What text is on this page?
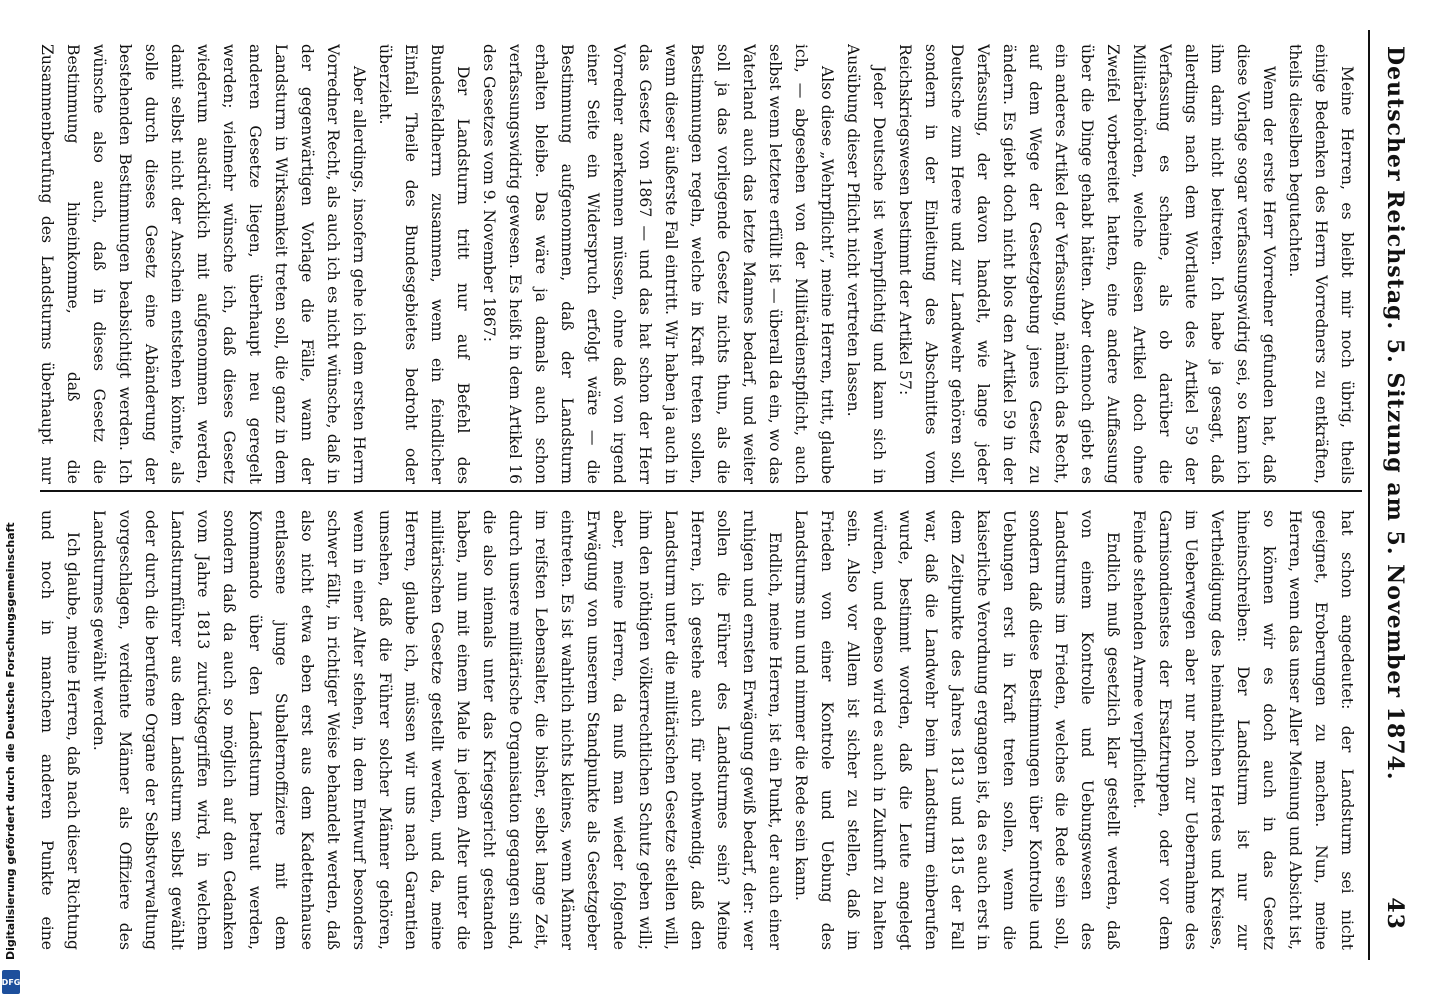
Deutscher Reichstag. 5. Sitzung am 5. November 1874.
43

Meine Herren, es bleibt mir noch übrig, theils einige Bedenken des Herrn Vorredners zu entkräften, theils dieselben begutachten.

Wenn der erste Herr Vorredner gefunden hat, daß diese Vorlage sogar verfassungswidrig sei, so kann ich ihm darin nicht beitreten. Ich habe ja gesagt, daß allerdings nach dem Wortlaute des Artikel 59 der Verfassung es scheine, als ob darüber die Militärbehörden, welche diesen Artikel doch ohne Zweifel vorbereitet hatten, eine andere Auffassung über die Dinge gehabt hätten. Aber dennoch giebt es ein anderes Artikel der Verfassung, nämlich das Recht, auf dem Wege der Gesetzgebung jenes Gesetz zu ändern. Es giebt doch nicht blos den Artikel 59 in der Verfassung, der davon handelt, wie lange jeder Deutsche zum Heere und zur Landwehr gehören soll, sondern in der Einleitung des Abschnittes vom Reichskriegswesen bestimmt der Artikel 57:

Jeder Deutsche ist wehrpflichtig und kann sich in Ausübung dieser Pflicht nicht vertreten lassen.

Also diese „Wehrpflicht“, meine Herren, tritt, glaube ich, — abgesehen von der Militärdienstpflicht, auch selbst wenn letztere erfüllt ist — überall da ein, wo das Vaterland auch das letzte Mannes bedarf, und weiter soll ja das vorliegende Gesetz nichts thun, als die Bestimmungen regeln, welche in Kraft treten sollen, wenn dieser äußerste Fall eintritt. Wir haben ja auch in das Gesetz von 1867 — und das hat schon der Herr Vorredner anerkennen müssen, ohne daß von irgend einer Seite ein Widerspruch erfolgt wäre — die Bestimmung aufgenommen, daß der Landsturm erhalten bleibe. Das wäre ja damals auch schon verfassungswidrig gewesen. Es heißt in dem Artikel 16 des Gesetzes vom 9. November 1867:

Der Landsturm tritt nur auf Befehl des Bundesfeldherrn zusammen, wenn ein feindlicher Einfall Theile des Bundesgebietes bedroht oder überzieht.

Aber allerdings, insofern gehe ich dem ersten Herrn Vorredner Recht, als auch ich es nicht wünsche, daß in der gegenwärtigen Vorlage die Fälle, wann der Landsturm in Wirksamkeit treten soll, die ganz in dem anderen Gesetze liegen, überhaupt neu geregelt werden; vielmehr wünsche ich, daß dieses Gesetz wiederum ausdrücklich mit aufgenommen werden, damit selbst nicht der Anschein entstehen könnte, als solle durch dieses Gesetz eine Abänderung der bestehenden Bestimmungen beabsichtigt werden. Ich wünsche also auch, daß in dieses Gesetz die Bestimmung hineinkomme, daß die Zusammenberufung des Landsturms überhaupt nur

hat schon angedeutet: der Landsturm sei nicht geeignet, Eroberungen zu machen. Nun, meine Herren, wenn das unser Aller Meinung und Absicht ist, so können wir es doch auch in das Gesetz hineinschreiben: Der Landsturm ist nur zur Vertheidigung des heimathlichen Herdes und Kreises, im Ueberwegen aber nur noch zur Uebernahme des Garnisondienstes der Ersatztruppen, oder vor dem Feinde stehenden Armee verpflichtet.

Endlich muß gesetzlich klar gestellt werden, daß von einem Kontrolle und Uebungswesen des Landsturms im Frieden, welches die Rede sein soll, sondern daß diese Bestimmungen über Kontrolle und Uebungen erst in Kraft treten sollen, wenn die kaiserliche Verordnung ergangen ist, da es auch erst in dem Zeitpunkte des Jahres 1813 und 1815 der Fall war, daß die Landwehr beim Landsturm einberufen wurde, bestimmt worden, daß die Leute angelegt würden, und ebenso wird es auch in Zukunft zu halten sein. Also vor Allem ist sicher zu stellen, daß im Frieden von einer Kontrole und Uebung des Landsturms nun und nimmer die Rede sein kann.

Endlich, meine Herren, ist ein Punkt, der auch einer ruhigen und ernsten Erwägung gewiß bedarf, der: wer sollen die Führer des Landsturmes sein? Meine Herren, ich gestehe auch für nothwendig, daß den Landsturm unter die militärischen Gesetze stellen will, ihm den nöthigen völkerrechtlichen Schutz geben will; aber, meine Herren, da muß man wieder folgende Erwägung von unserem Standpunkte als Gesetzgeber eintreten. Es ist wahrlich nichts kleines, wenn Männer im reifsten Lebensalter, die bisher, selbst lange Zeit, durch unsere militärische Organisation gegangen sind, die also niemals unter das Kriegsgericht gestanden haben, nun mit einem Male in jedem Alter unter die militärischen Gesetze gestellt werden, und da, meine Herren, glaube ich, müssen wir uns nach Garantien umsehen, daß die Führer solcher Männer gehören, wenn in einer Alter stehen, in dem Entwurf besonders schwer fällt, in richtiger Weise behandelt werden, daß also nicht etwa eben erst aus dem Kadettenhause entlassene junge Subalternoffiziere mit dem Kommando über den Landsturm betraut werden, sondern daß da auch so möglich auf den Gedanken vom Jahre 1813 zurückgegriffen wird, in welchem Landsturmführer aus dem Landsturm selbst gewählt oder durch die berufene Organe der Selbstverwaltung vorgeschlagen, verdiente Männer als Offiziere des Landsturmes gewählt werden.

Ich glaube, meine Herren, daß nach dieser Richtung und noch in manchem anderen Punkte eine

Digitalisierung gefördert durch die Deutsche Forschungsgemeinschaft
DFG
